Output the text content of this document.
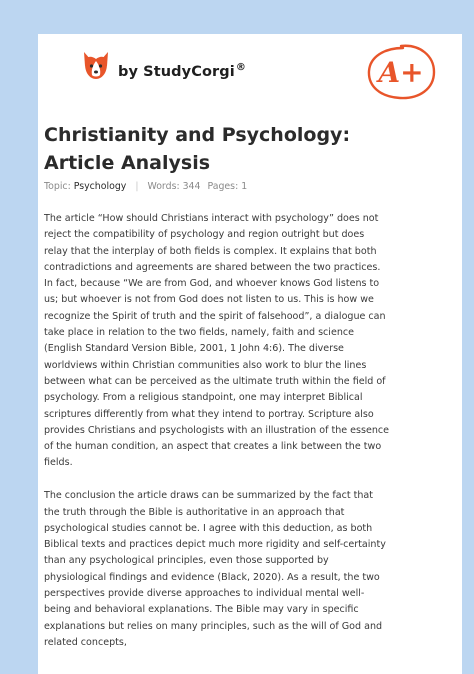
by StudyCorgi®	A+
Christianity and Psychology: Article Analysis
Topic: Psychology | Words: 344 Pages: 1

The article “How should Christians interact with psychology” does not reject the compatibility of psychology and region outright but does relay that the interplay of both fields is complex. It explains that both contradictions and agreements are shared between the two practices. In fact, because “We are from God, and whoever knows God listens to us; but whoever is not from God does not listen to us. This is how we recognize the Spirit of truth and the spirit of falsehood”, a dialogue can take place in relation to the two fields, namely, faith and science (English Standard Version Bible, 2001, 1 John 4:6). The diverse worldviews within Christian communities also work to blur the lines between what can be perceived as the ultimate truth within the field of psychology. From a religious standpoint, one may interpret Biblical scriptures differently from what they intend to portray. Scripture also provides Christians and psychologists with an illustration of the essence of the human condition, an aspect that creates a link between the two fields.

The conclusion the article draws can be summarized by the fact that the truth through the Bible is authoritative in an approach that psychological studies cannot be. I agree with this deduction, as both Biblical texts and practices depict much more rigidity and self-certainty than any psychological principles, even those supported by physiological findings and evidence (Black, 2020). As a result, the two perspectives provide diverse approaches to individual mental well-being and behavioral explanations. The Bible may vary in specific explanations but relies on many principles, such as the will of God and related concepts,
